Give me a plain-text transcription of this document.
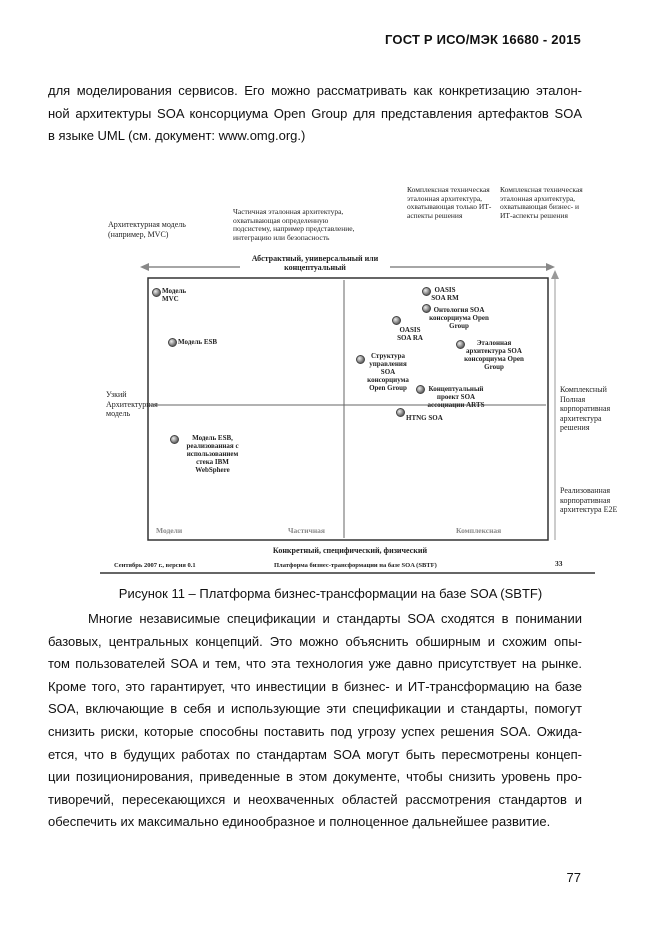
ГОСТ Р ИСО/МЭК 16680 - 2015
для моделирования сервисов. Его можно рассматривать как конкретизацию эталон-
ной архитектуры SOA консорциума Open Group для представления артефактов SOA
в языке UML (см. документ: www.omg.org.)
Архитектурная модель (например, MVC)
Частичная эталонная архитектура, охватывающая определенную подсистему, например представление, интеграцию или безопасность
Комплексная техническая эталонная архитектура, охватывающая только ИТ-аспекты решения
Комплексная техническая эталонная архитектура, охватывающая бизнес- и ИТ-аспекты решения
Абстрактный, универсальный или концептуальный
Узкий Архитектурная модель
Комплексный Полная корпоративная архитектура решения
Реализованная корпоративная архитектура E2E
Модели	Частичная	Комплексная
Конкретный, специфический, физический
Сентябрь 2007 г., версия 0.1	Платформа бизнес-трансформации на базе SOA (SBTF)	33
Модель MVC
Модель ESB
Модель ESB, реализованная с использованием стека IBM WebSphere
OASIS SOA RM
Онтология SOA консорциума Open Group
OASIS SOA RA
Эталонная архитектура SOA консорциума Open Group
Структура управления SOA консорциума Open Group	Концептуальный проект SOA ассоциации ARTS
HTNG SOA
Рисунок 11 – Платформа бизнес-трансформации на базе SOA (SBTF)
Многие независимые спецификации и стандарты SOA сходятся в понимании
базовых, центральных концепций. Это можно объяснить обширным и схожим опы-
том пользователей SOA и тем, что эта технология уже давно присутствует на рынке.
Кроме того, это гарантирует, что инвестиции в бизнес- и ИТ-трансформацию на базе
SOA, включающие в себя и использующие эти спецификации и стандарты, помогут
снизить риски, которые способны поставить под угрозу успех решения SOA. Ожида-
ется, что в будущих работах по стандартам SOA могут быть пересмотрены концеп-
ции позиционирования, приведенные в этом документе, чтобы снизить уровень про-
тиворечий, пересекающихся и неохваченных областей рассмотрения стандартов и
обеспечить их максимально единообразное и полноценное дальнейшее развитие.
77
